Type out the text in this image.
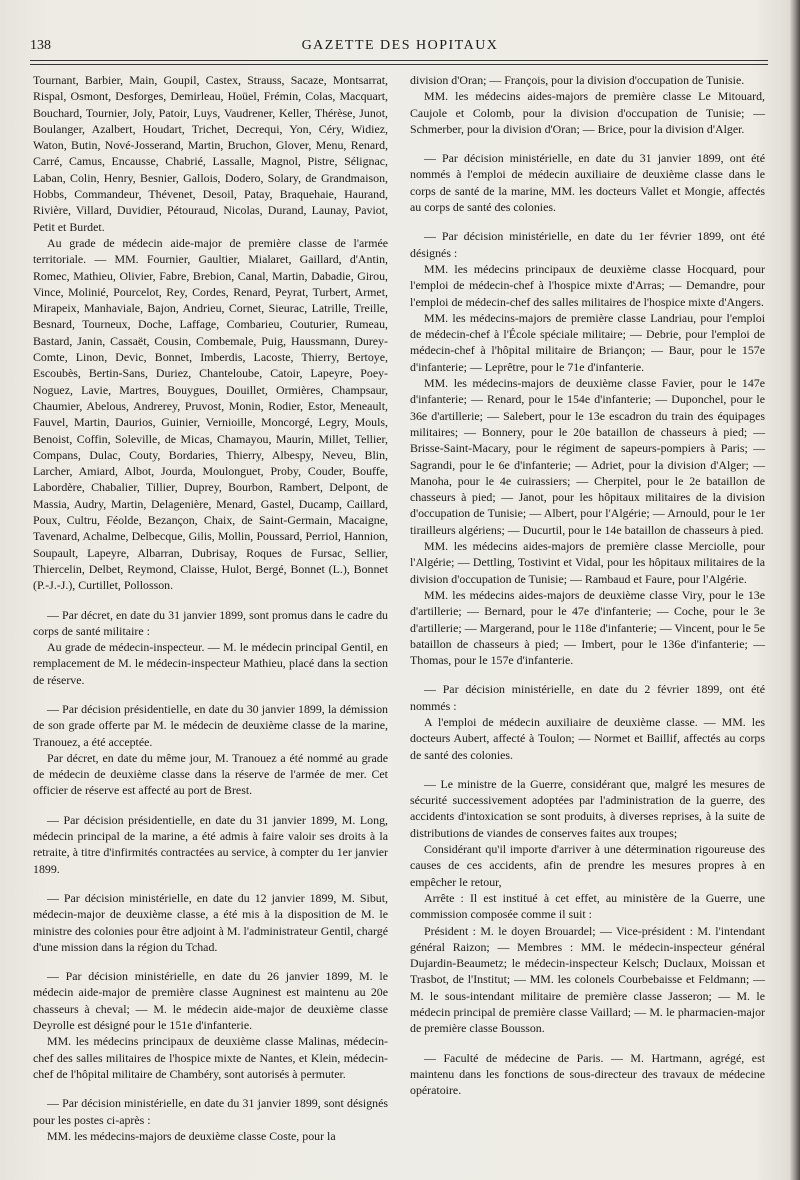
138	GAZETTE DES HOPITAUX

Tournant, Barbier, Main, Goupil, Castex, Strauss, Sacaze, Montsarrat, Rispal, Osmont, Desforges, Demirleau, Hoüel, Frémin, Colas, Macquart, Bouchard, Tournier, Joly, Patoir, Luys, Vaudrener, Keller, Thérèse, Junot, Boulanger, Azalbert, Houdart, Trichet, Decrequi, Yon, Céry, Widiez, Waton, Butin, Nové-Josserand, Martin, Bruchon, Glover, Menu, Renard, Carré, Camus, Encausse, Chabrié, Lassalle, Magnol, Pistre, Sélignac, Laban, Colin, Henry, Besnier, Gallois, Dodero, Solary, de Grandmaison, Hobbs, Commandeur, Thévenet, Desoil, Patay, Braquehaie, Haurand, Rivière, Villard, Duvidier, Pétouraud, Nicolas, Durand, Launay, Paviot, Petit et Burdet.

Au grade de médecin aide-major de première classe de l'armée territoriale. — MM. Fournier, Gaultier, Mialaret, Gaillard, d'Antin, Romec, Mathieu, Olivier, Fabre, Brebion, Canal, Martin, Dabadie, Girou, Vince, Molinié, Pourcelot, Rey, Cordes, Renard, Peyrat, Turbert, Armet, Mirapeix, Manhaviale, Bajon, Andrieu, Cornet, Sieurac, Latrille, Treille, Besnard, Tourneux, Doche, Laffage, Combarieu, Couturier, Rumeau, Bastard, Janin, Cassaët, Cousin, Combemale, Puig, Haussmann, Durey-Comte, Linon, Devic, Bonnet, Imberdis, Lacoste, Thierry, Bertoye, Escoubès, Bertin-Sans, Duriez, Chanteloube, Catoir, Lapeyre, Poey-Noguez, Lavie, Martres, Bouygues, Douillet, Ormières, Champsaur, Chaumier, Abelous, Andrerey, Pruvost, Monin, Rodier, Estor, Meneault, Fauvel, Martin, Daurios, Guinier, Vernioille, Moncorgé, Legry, Mouls, Benoist, Coffin, Soleville, de Micas, Chamayou, Maurin, Millet, Tellier, Compans, Dulac, Couty, Bordaries, Thierry, Albespy, Neveu, Blin, Larcher, Amiard, Albot, Jourda, Moulonguet, Proby, Couder, Bouffe, Labordère, Chabalier, Tillier, Duprey, Bourbon, Rambert, Delpont, de Massia, Audry, Martin, Delagenière, Menard, Gastel, Ducamp, Caillard, Poux, Cultru, Féolde, Bezançon, Chaix, de Saint-Germain, Macaigne, Tavenard, Achalme, Delbecque, Gilis, Mollin, Poussard, Perriol, Hannion, Soupault, Lapeyre, Albarran, Dubrisay, Roques de Fursac, Sellier, Thiercelin, Delbet, Reymond, Claisse, Hulot, Bergé, Bonnet (L.), Bonnet (P.-J.-J.), Curtillet, Pollosson.

— Par décret, en date du 31 janvier 1899, sont promus dans le cadre du corps de santé militaire :

Au grade de médecin-inspecteur. — M. le médecin principal Gentil, en remplacement de M. le médecin-inspecteur Mathieu, placé dans la section de réserve.

— Par décision présidentielle, en date du 30 janvier 1899, la démission de son grade offerte par M. le médecin de deuxième classe de la marine, Tranouez, a été acceptée.

Par décret, en date du même jour, M. Tranouez a été nommé au grade de médecin de deuxième classe dans la réserve de l'armée de mer. Cet officier de réserve est affecté au port de Brest.

— Par décision présidentielle, en date du 31 janvier 1899, M. Long, médecin principal de la marine, a été admis à faire valoir ses droits à la retraite, à titre d'infirmités contractées au service, à compter du 1er janvier 1899.

— Par décision ministérielle, en date du 12 janvier 1899, M. Sibut, médecin-major de deuxième classe, a été mis à la disposition de M. le ministre des colonies pour être adjoint à M. l'administrateur Gentil, chargé d'une mission dans la région du Tchad.

— Par décision ministérielle, en date du 26 janvier 1899, M. le médecin aide-major de première classe Augninest est maintenu au 20e chasseurs à cheval; — M. le médecin aide-major de deuxième classe Deyrolle est désigné pour le 151e d'infanterie.

MM. les médecins principaux de deuxième classe Malinas, médecin-chef des salles militaires de l'hospice mixte de Nantes, et Klein, médecin-chef de l'hôpital militaire de Chambéry, sont autorisés à permuter.

— Par décision ministérielle, en date du 31 janvier 1899, sont désignés pour les postes ci-après :

MM. les médecins-majors de deuxième classe Coste, pour la

division d'Oran; — François, pour la division d'occupation de Tunisie.

MM. les médecins aides-majors de première classe Le Mitouard, Caujole et Colomb, pour la division d'occupation de Tunisie; — Schmerber, pour la division d'Oran; — Brice, pour la division d'Alger.

— Par décision ministérielle, en date du 31 janvier 1899, ont été nommés à l'emploi de médecin auxiliaire de deuxième classe dans le corps de santé de la marine, MM. les docteurs Vallet et Mongie, affectés au corps de santé des colonies.

— Par décision ministérielle, en date du 1er février 1899, ont été désignés :

MM. les médecins principaux de deuxième classe Hocquard, pour l'emploi de médecin-chef à l'hospice mixte d'Arras; — Demandre, pour l'emploi de médecin-chef des salles militaires de l'hospice mixte d'Angers.

MM. les médecins-majors de première classe Landriau, pour l'emploi de médecin-chef à l'École spéciale militaire; — Debrie, pour l'emploi de médecin-chef à l'hôpital militaire de Briançon; — Baur, pour le 157e d'infanterie; — Leprêtre, pour le 71e d'infanterie.

MM. les médecins-majors de deuxième classe Favier, pour le 147e d'infanterie; — Renard, pour le 154e d'infanterie; — Duponchel, pour le 36e d'artillerie; — Salebert, pour le 13e escadron du train des équipages militaires; — Bonnery, pour le 20e bataillon de chasseurs à pied; — Brisse-Saint-Macary, pour le régiment de sapeurs-pompiers à Paris; — Sagrandi, pour le 6e d'infanterie; — Adriet, pour la division d'Alger; — Manoha, pour le 4e cuirassiers; — Cherpitel, pour le 2e bataillon de chasseurs à pied; — Janot, pour les hôpitaux militaires de la division d'occupation de Tunisie; — Albert, pour l'Algérie; — Arnould, pour le 1er tirailleurs algériens; — Ducurtil, pour le 14e bataillon de chasseurs à pied.

MM. les médecins aides-majors de première classe Merciolle, pour l'Algérie; — Dettling, Tostivint et Vidal, pour les hôpitaux militaires de la division d'occupation de Tunisie; — Rambaud et Faure, pour l'Algérie.

MM. les médecins aides-majors de deuxième classe Viry, pour le 13e d'artillerie; — Bernard, pour le 47e d'infanterie; — Coche, pour le 3e d'artillerie; — Margerand, pour le 118e d'infanterie; — Vincent, pour le 5e bataillon de chasseurs à pied; — Imbert, pour le 136e d'infanterie; — Thomas, pour le 157e d'infanterie.

— Par décision ministérielle, en date du 2 février 1899, ont été nommés :

A l'emploi de médecin auxiliaire de deuxième classe. — MM. les docteurs Aubert, affecté à Toulon; — Normet et Baillif, affectés au corps de santé des colonies.

— Le ministre de la Guerre, considérant que, malgré les mesures de sécurité successivement adoptées par l'administration de la guerre, des accidents d'intoxication se sont produits, à diverses reprises, à la suite de distributions de viandes de conserves faites aux troupes;

Considérant qu'il importe d'arriver à une détermination rigoureuse des causes de ces accidents, afin de prendre les mesures propres à en empêcher le retour,

Arrête : Il est institué à cet effet, au ministère de la Guerre, une commission composée comme il suit :

Président : M. le doyen Brouardel; — Vice-président : M. l'intendant général Raizon; — Membres : MM. le médecin-inspecteur général Dujardin-Beaumetz; le médecin-inspecteur Kelsch; Duclaux, Moissan et Trasbot, de l'Institut; — MM. les colonels Courbebaisse et Feldmann; — M. le sous-intendant militaire de première classe Jasseron; — M. le médecin principal de première classe Vaillard; — M. le pharmacien-major de première classe Bousson.

— Faculté de médecine de Paris. — M. Hartmann, agrégé, est maintenu dans les fonctions de sous-directeur des travaux de médecine opératoire.
